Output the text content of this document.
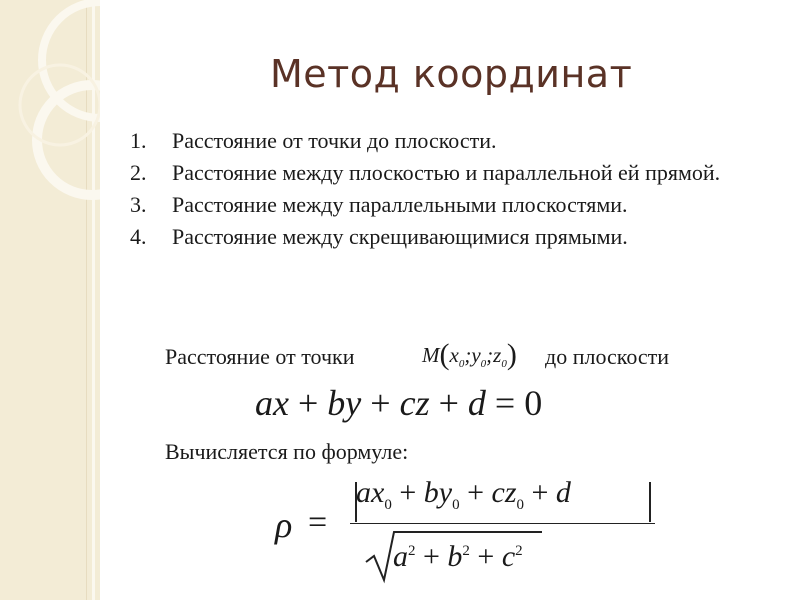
Метод координат
1.	Расстояние от точки до плоскости.
2.	Расстояние между плоскостью и параллельной ей прямой.
3.	Расстояние между параллельными плоскостями.
4.	Расстояние между скрещивающимися прямыми.
Расстояние от точки	$M(x_0;y_0;z_0)$ до плоскости
ax + by + cz + d = 0
Вычисляется по формуле:
ρ =
$ax_0 + by_0 + cz_0 + d$
$a^2 + b^2 + c^2$
